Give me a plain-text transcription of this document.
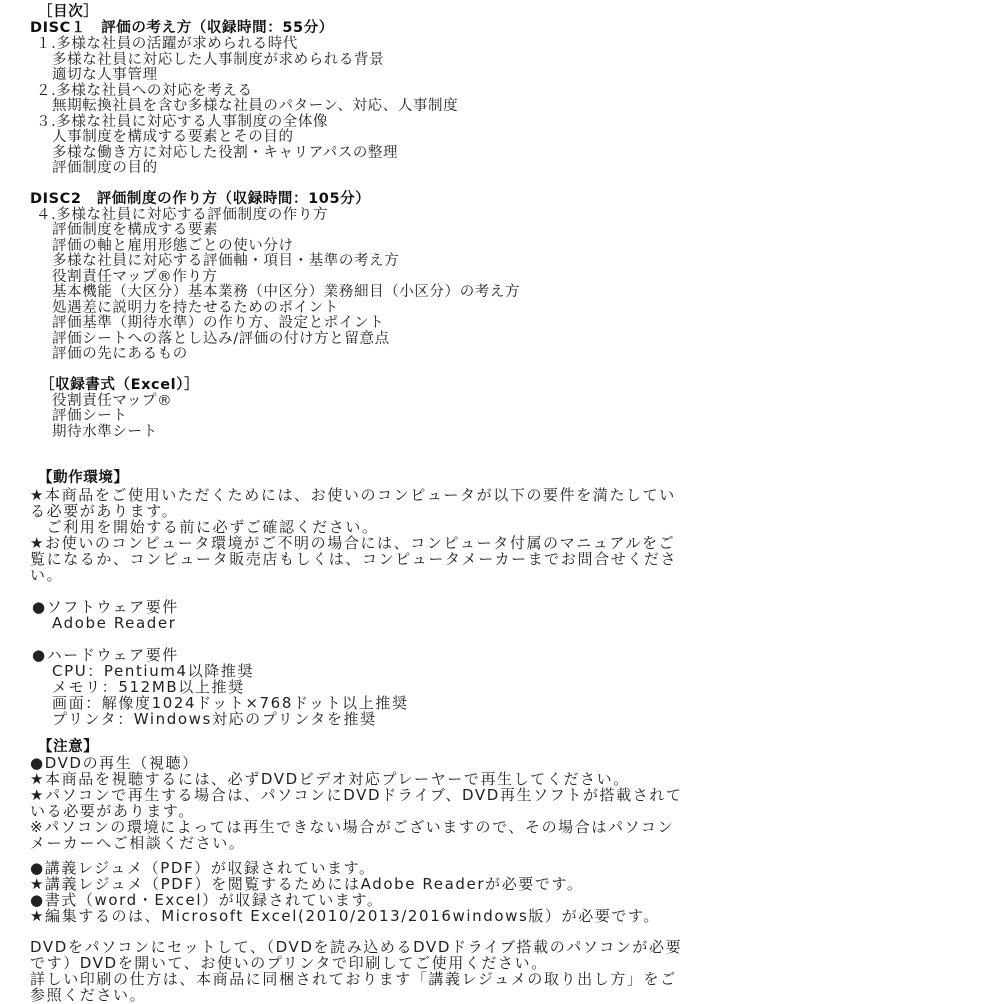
［目次］
DISC１　評価の考え方（収録時間：55分）
１.多様な社員の活躍が求められる時代
多様な社員に対応した人事制度が求められる背景
適切な人事管理
２.多様な社員への対応を考える
無期転換社員を含む多様な社員のパターン、対応、人事制度
３.多様な社員に対応する人事制度の全体像
人事制度を構成する要素とその目的
多様な働き方に対応した役割・キャリアパスの整理
評価制度の目的
DISC2　評価制度の作り方（収録時間：105分）
４.多様な社員に対応する評価制度の作り方
評価制度を構成する要素
評価の軸と雇用形態ごとの使い分け
多様な社員に対応する評価軸・項目・基準の考え方
役割責任マップ®作り方
基本機能（大区分）基本業務（中区分）業務細目（小区分）の考え方
処遇差に説明力を持たせるためのポイント
評価基準（期待水準）の作り方、設定とポイント
評価シートへの落とし込み/評価の付け方と留意点
評価の先にあるもの
［収録書式（Excel）］
役割責任マップ®
評価シート
期待水準シート
【動作環境】
★本商品をご使用いただくためには、お使いのコンピュータが以下の要件を満たしてい
る必要があります。
　ご利用を開始する前に必ずご確認ください。
★お使いのコンピュータ環境がご不明の場合には、コンピュータ付属のマニュアルをご
覧になるか、コンピュータ販売店もしくは、コンピュータメーカーまでお問合せくださ
い。
●ソフトウェア要件
Adobe Reader
●ハードウェア要件
CPU：Pentium4以降推奨
メモリ：512MB以上推奨
画面：解像度1024ドット×768ドット以上推奨
プリンタ：Windows対応のプリンタを推奨
【注意】
●DVDの再生（視聴）
★本商品を視聴するには、必ずDVDビデオ対応プレーヤーで再生してください。
★パソコンで再生する場合は、パソコンにDVDドライブ、DVD再生ソフトが搭載されて
いる必要があります。
※パソコンの環境によっては再生できない場合がございますので、その場合はパソコン
メーカーへご相談ください。
●講義レジュメ（PDF）が収録されています。
★講義レジュメ（PDF）を閲覧するためにはAdobe Readerが必要です。
●書式（word・Excel）が収録されています。
★編集するのは、Microsoft Excel(2010/2013/2016windows版）が必要です。
DVDをパソコンにセットして、（DVDを読み込めるDVDドライブ搭載のパソコンが必要
です）DVDを開いて、お使いのプリンタで印刷してご使用ください。
詳しい印刷の仕方は、本商品に同梱されております「講義レジュメの取り出し方」をご
参照ください。
